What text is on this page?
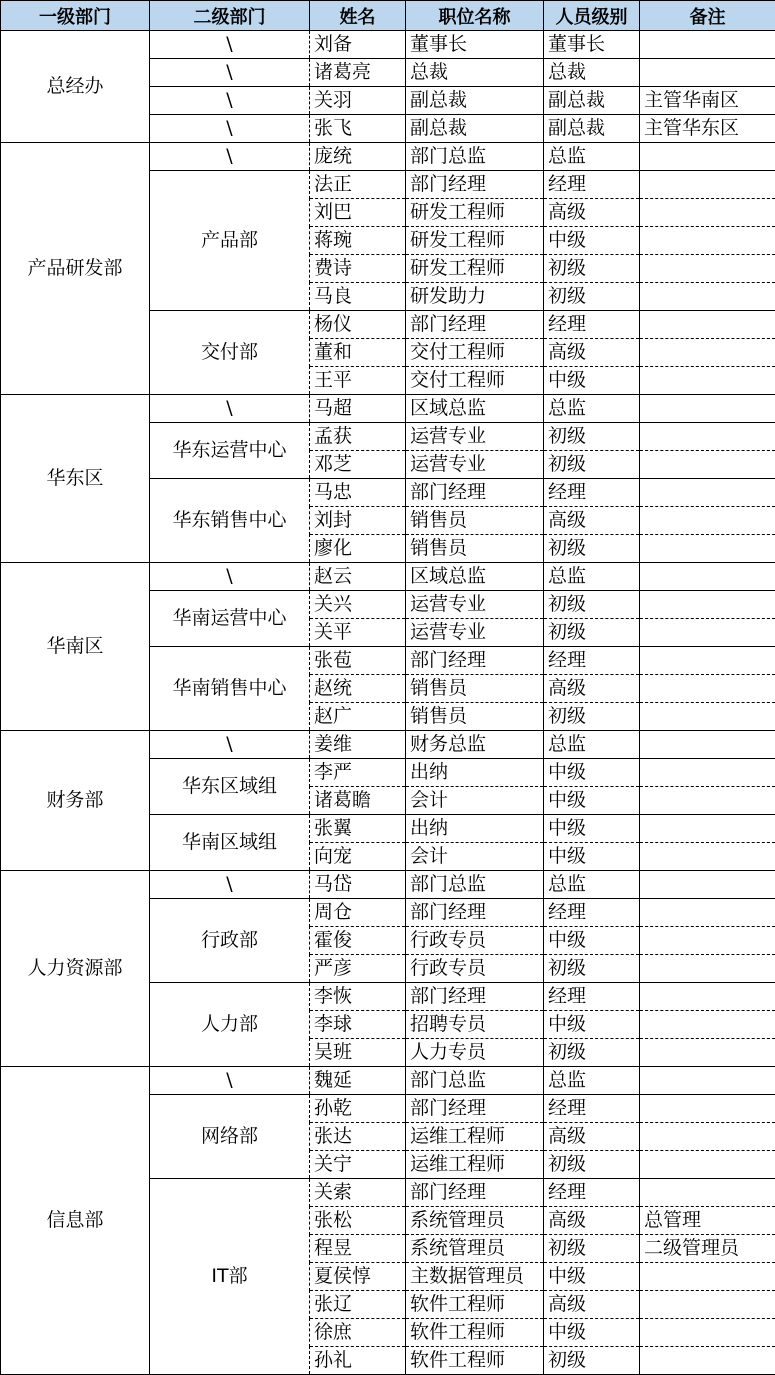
一级部门	二级部门	姓名	职位名称	人员级别	备注
总经办	\	刘备	董事长	董事长	
	\	诸葛亮	总裁	总裁	
	\	关羽	副总裁	副总裁	主管华南区
	\	张飞	副总裁	副总裁	主管华东区
产品研发部	\	庞统	部门总监	总监	
	产品部	法正	部门经理	经理	
		刘巴	研发工程师	高级	
		蒋琬	研发工程师	中级	
		费诗	研发工程师	初级	
		马良	研发助力	初级	
	交付部	杨仪	部门经理	经理	
		董和	交付工程师	高级	
		王平	交付工程师	中级	
华东区	\	马超	区域总监	总监	
	华东运营中心	孟获	运营专业	初级	
		邓芝	运营专业	初级	
	华东销售中心	马忠	部门经理	经理	
		刘封	销售员	高级	
		廖化	销售员	初级	
华南区	\	赵云	区域总监	总监	
	华南运营中心	关兴	运营专业	初级	
		关平	运营专业	初级	
	华南销售中心	张苞	部门经理	经理	
		赵统	销售员	高级	
		赵广	销售员	初级	
财务部	\	姜维	财务总监	总监	
	华东区域组	李严	出纳	中级	
		诸葛瞻	会计	中级	
	华南区域组	张翼	出纳	中级	
		向宠	会计	中级	
人力资源部	\	马岱	部门总监	总监	
	行政部	周仓	部门经理	经理	
		霍俊	行政专员	中级	
		严彦	行政专员	初级	
	人力部	李恢	部门经理	经理	
		李球	招聘专员	中级	
		吴班	人力专员	初级	
信息部	\	魏延	部门总监	总监	
	网络部	孙乾	部门经理	经理	
		张达	运维工程师	高级	
		关宁	运维工程师	初级	
	IT部	关索	部门经理	经理	
		张松	系统管理员	高级	总管理
		程昱	系统管理员	初级	二级管理员
		夏侯惇	主数据管理员	中级	
		张辽	软件工程师	高级	
		徐庶	软件工程师	中级	
		孙礼	软件工程师	初级	
